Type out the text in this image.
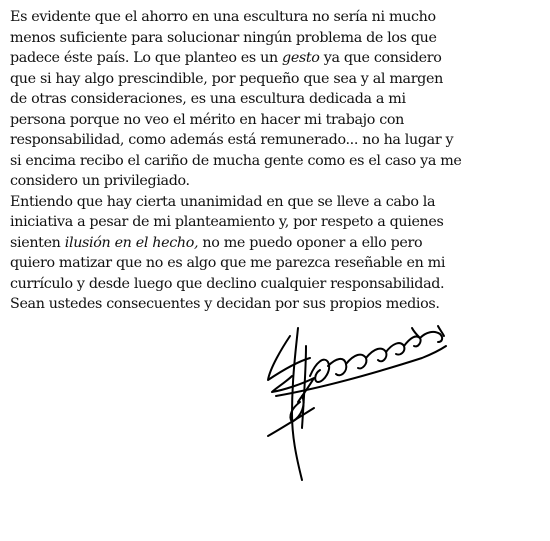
Es evidente que el ahorro en una escultura no sería ni mucho
menos suficiente para solucionar ningún problema de los que
padece éste país. Lo que planteo es un gesto ya que considero
que si hay algo prescindible, por pequeño que sea y al margen
de otras consideraciones, es una escultura dedicada a mi
persona porque no veo el mérito en hacer mi trabajo con
responsabilidad, como además está remunerado... no ha lugar y
si encima recibo el cariño de mucha gente como es el caso ya me
considero un privilegiado.
Entiendo que hay cierta unanimidad en que se lleve a cabo la
iniciativa a pesar de mi planteamiento y, por respeto a quienes
sienten ilusión en el hecho, no me puedo oponer a ello pero
quiero matizar que no es algo que me parezca reseñable en mi
currículo y desde luego que declino cualquier responsabilidad.
Sean ustedes consecuentes y decidan por sus propios medios.
